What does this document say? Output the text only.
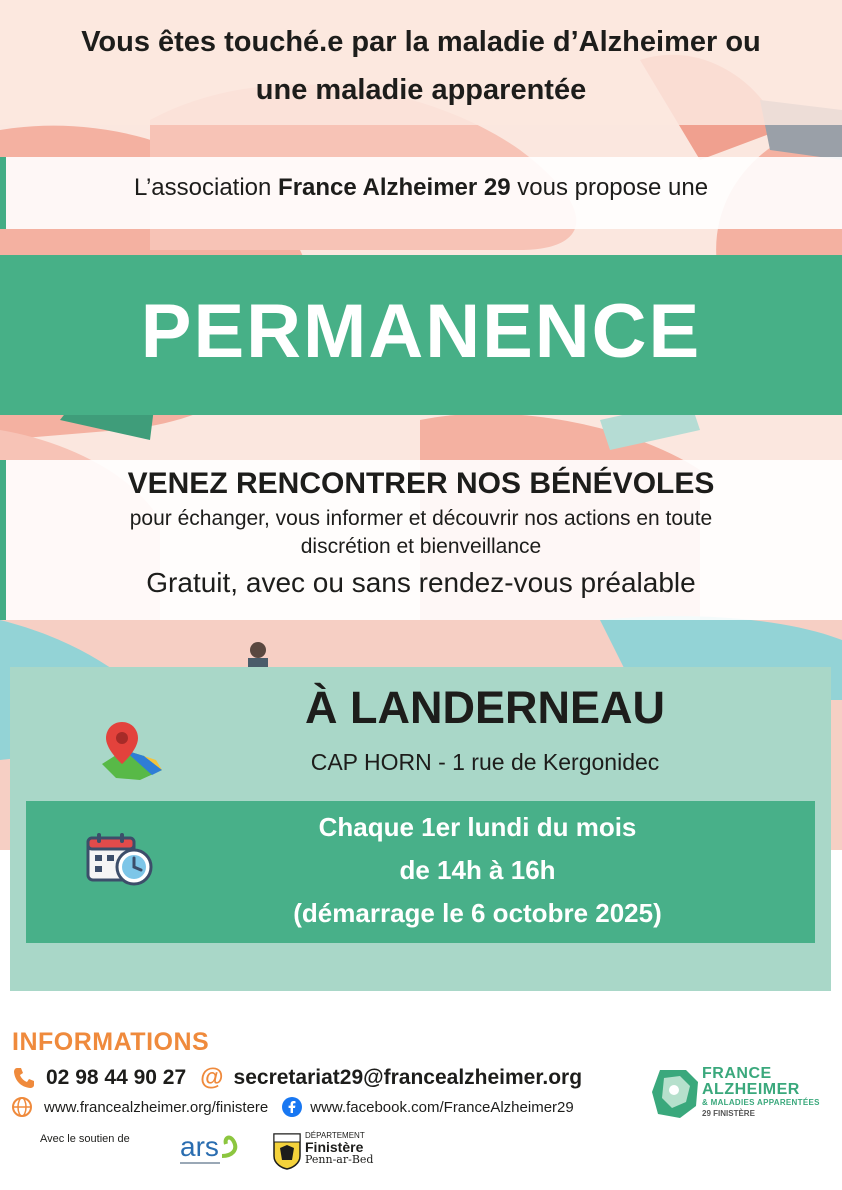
Vous êtes touché.e par la maladie d’Alzheimer ou
une maladie apparentée
L’association France Alzheimer 29 vous propose une
PERMANENCE
VENEZ RENCONTRER NOS BÉNÉVOLES
pour échanger, vous informer et découvrir nos actions en toute
discrétion et bienveillance
Gratuit, avec ou sans rendez-vous préalable
À LANDERNEAU
CAP HORN - 1 rue de Kergonidec
Chaque 1er lundi du mois
de 14h à 16h
(démarrage le 6 octobre 2025)
INFORMATIONS
02 98 44 90 27 @ secretariat29@francealzheimer.org
www.francealzheimer.org/finistere	www.facebook.com/FranceAlzheimer29
Avec le soutien de ars	DÉPARTEMENT
Finistère
Penn-ar-Bed
FRANCE
ALZHEIMER
& MALADIES APPARENTÉES
29 FINISTÈRE
